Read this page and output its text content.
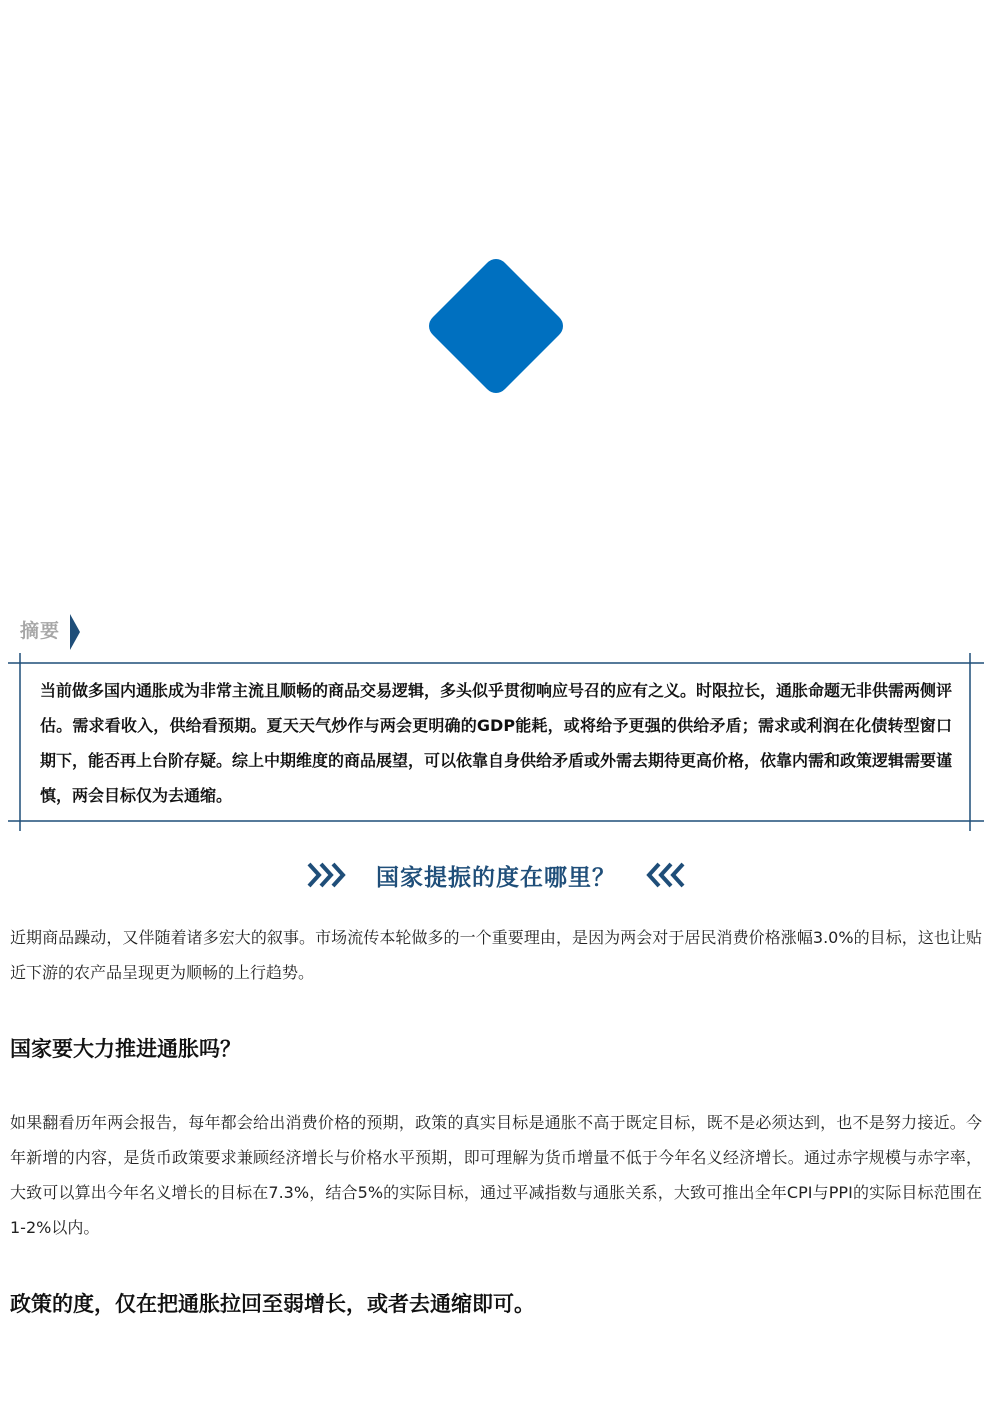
摘要
当前做多国内通胀成为非常主流且顺畅的商品交易逻辑，多头似乎贯彻响应号召的应有之义。时限拉长，通胀命题无非供需两侧评估。需求看收入，供给看预期。夏天天气炒作与两会更明确的GDP能耗，或将给予更强的供给矛盾；需求或利润在化债转型窗口期下，能否再上台阶存疑。综上中期维度的商品展望，可以依靠自身供给矛盾或外需去期待更高价格，依靠内需和政策逻辑需要谨慎，两会目标仅为去通缩。
国家提振的度在哪里？
近期商品躁动，又伴随着诸多宏大的叙事。市场流传本轮做多的一个重要理由，是因为两会对于居民消费价格涨幅3.0%的目标，这也让贴近下游的农产品呈现更为顺畅的上行趋势。
国家要大力推进通胀吗？
如果翻看历年两会报告，每年都会给出消费价格的预期，政策的真实目标是通胀不高于既定目标，既不是必须达到，也不是努力接近。今年新增的内容，是货币政策要求兼顾经济增长与价格水平预期，即可理解为货币增量不低于今年名义经济增长。通过赤字规模与赤字率，大致可以算出今年名义增长的目标在7.3%，结合5%的实际目标，通过平减指数与通胀关系，大致可推出全年CPI与PPI的实际目标范围在1-2%以内。
政策的度，仅在把通胀拉回至弱增长，或者去通缩即可。
